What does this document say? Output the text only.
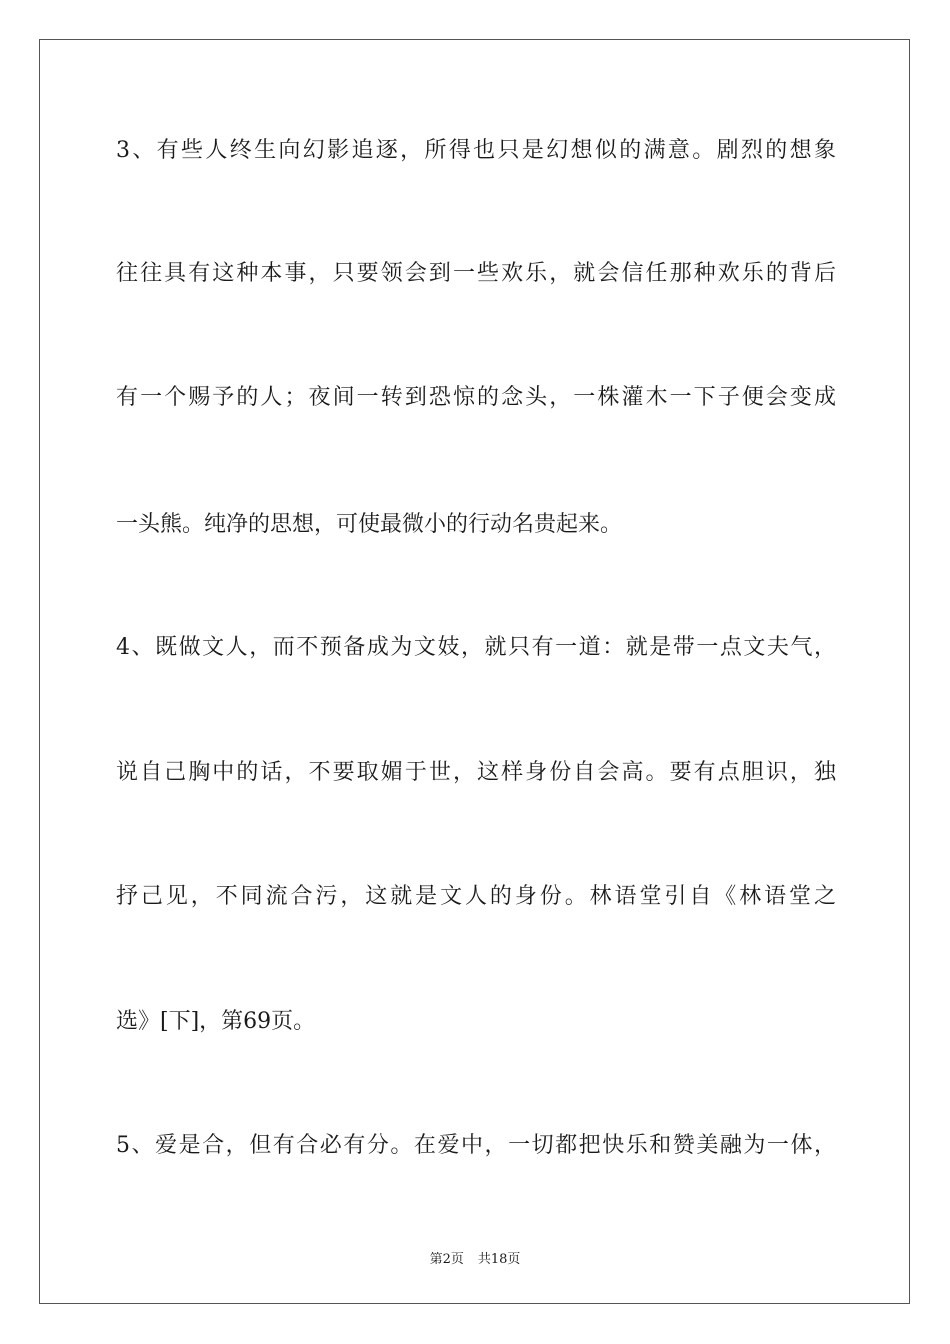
3、有些人终生向幻影追逐，所得也只是幻想似的满意。剧烈的想象
往往具有这种本事，只要领会到一些欢乐，就会信任那种欢乐的背后
有一个赐予的人；夜间一转到恐惊的念头，一株灌木一下子便会变成
一头熊。纯净的思想，可使最微小的行动名贵起来。
4、既做文人，而不预备成为文妓，就只有一道：就是带一点文夫气，
说自己胸中的话，不要取媚于世，这样身份自会高。要有点胆识，独
抒己见，不同流合污，这就是文人的身份。林语堂引自《林语堂之
选》[下]，第69页。
5、爱是合，但有合必有分。在爱中，一切都把快乐和赞美融为一体，
第2页 共18页
